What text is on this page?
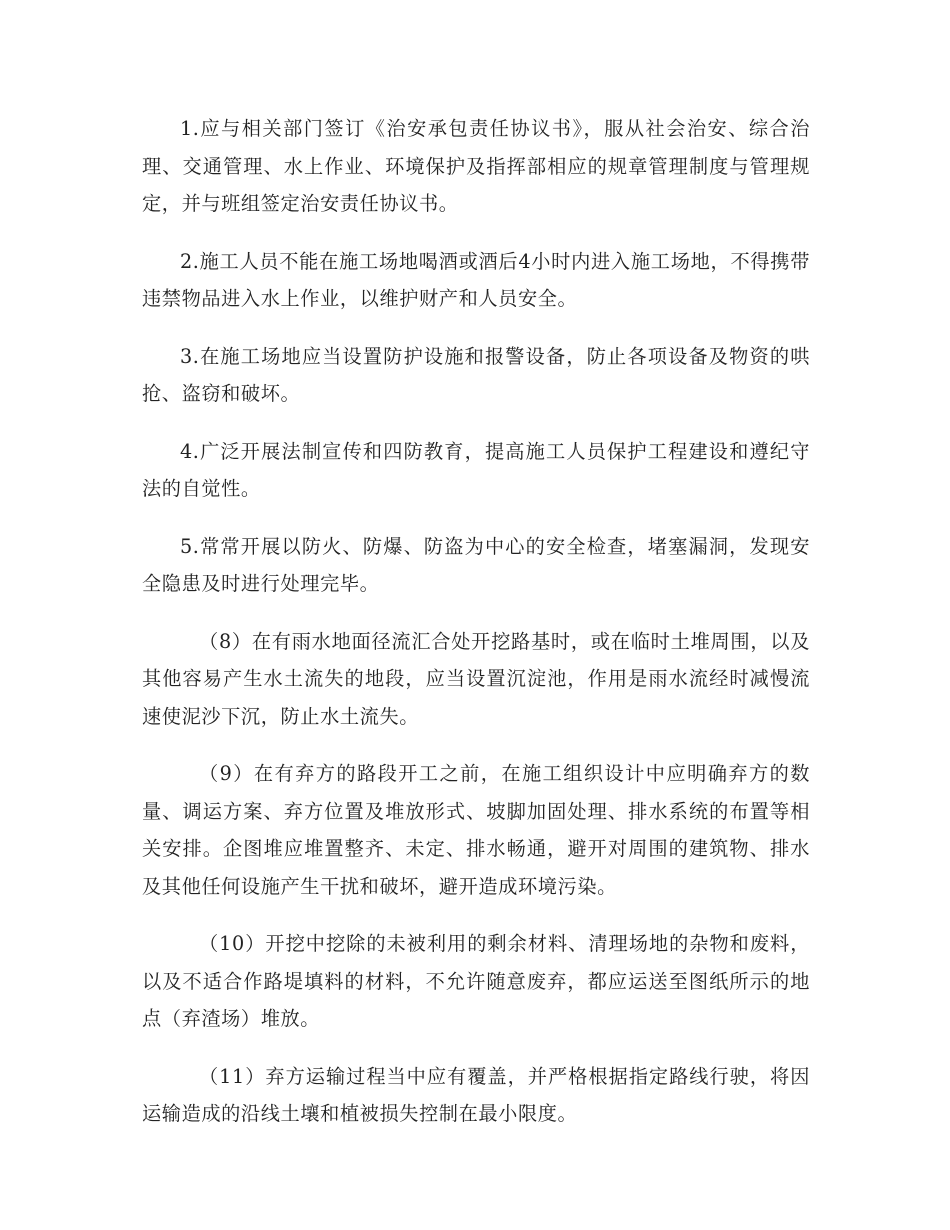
1.应与相关部门签订《治安承包责任协议书》，服从社会治安、综合治理、交通管理、水上作业、环境保护及指挥部相应的规章管理制度与管理规定，并与班组签定治安责任协议书。

2.施工人员不能在施工场地喝酒或酒后4小时内进入施工场地，不得携带违禁物品进入水上作业，以维护财产和人员安全。

3.在施工场地应当设置防护设施和报警设备，防止各项设备及物资的哄抢、盗窃和破坏。

4.广泛开展法制宣传和四防教育，提高施工人员保护工程建设和遵纪守法的自觉性。

5.常常开展以防火、防爆、防盗为中心的安全检查，堵塞漏洞，发现安全隐患及时进行处理完毕。

（8）在有雨水地面径流汇合处开挖路基时，或在临时土堆周围，以及其他容易产生水土流失的地段，应当设置沉淀池，作用是雨水流经时减慢流速使泥沙下沉，防止水土流失。

（9）在有弃方的路段开工之前，在施工组织设计中应明确弃方的数量、调运方案、弃方位置及堆放形式、坡脚加固处理、排水系统的布置等相关安排。企图堆应堆置整齐、未定、排水畅通，避开对周围的建筑物、排水及其他任何设施产生干扰和破坏，避开造成环境污染。

（10）开挖中挖除的未被利用的剩余材料、清理场地的杂物和废料，以及不适合作路堤填料的材料，不允许随意废弃，都应运送至图纸所示的地点（弃渣场）堆放。

（11）弃方运输过程当中应有覆盖，并严格根据指定路线行驶，将因运输造成的沿线土壤和植被损失控制在最小限度。
